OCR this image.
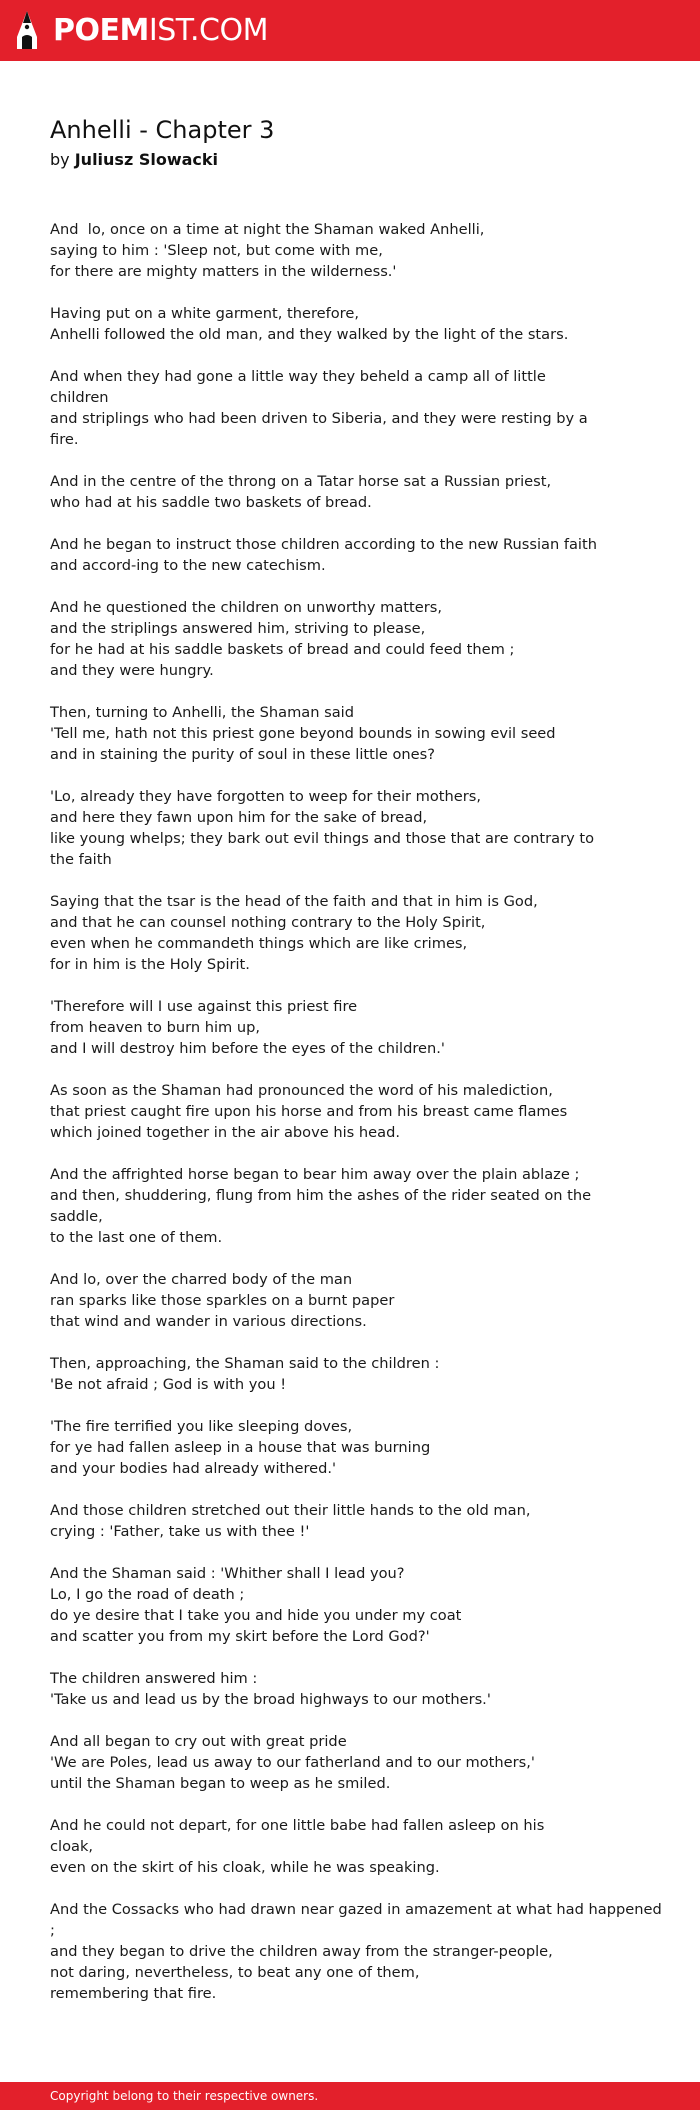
POEMIST.COM
Anhelli - Chapter 3
by Juliusz Slowacki
And  lo, once on a time at night the Shaman waked Anhelli,
saying to him : 'Sleep not, but come with me,
for there are mighty matters in the wilderness.'
Having put on a white garment, therefore,
Anhelli followed the old man, and they walked by the light of the stars.
And when they had gone a little way they beheld a camp all of little
children
and striplings who had been driven to Siberia, and they were resting by a
fire.
And in the centre of the throng on a Tatar horse sat a Russian priest,
who had at his saddle two baskets of bread.
And he began to instruct those children according to the new Russian faith
and accord-ing to the new catechism.
And he questioned the children on unworthy matters,
and the striplings answered him, striving to please,
for he had at his saddle baskets of bread and could feed them ;
and they were hungry.
Then, turning to Anhelli, the Shaman said
'Tell me, hath not this priest gone beyond bounds in sowing evil seed
and in staining the purity of soul in these little ones?
'Lo, already they have forgotten to weep for their mothers,
and here they fawn upon him for the sake of bread,
like young whelps; they bark out evil things and those that are contrary to
the faith
Saying that the tsar is the head of the faith and that in him is God,
and that he can counsel nothing contrary to the Holy Spirit,
even when he commandeth things which are like crimes,
for in him is the Holy Spirit.
'Therefore will I use against this priest fire
from heaven to burn him up,
and I will destroy him before the eyes of the children.'
As soon as the Shaman had pronounced the word of his malediction,
that priest caught fire upon his horse and from his breast came flames
which joined together in the air above his head.
And the affrighted horse began to bear him away over the plain ablaze ;
and then, shuddering, flung from him the ashes of the rider seated on the
saddle,
to the last one of them.
And lo, over the charred body of the man
ran sparks like those sparkles on a burnt paper
that wind and wander in various directions.
Then, approaching, the Shaman said to the children :
'Be not afraid ; God is with you !
'The fire terrified you like sleeping doves,
for ye had fallen asleep in a house that was burning
and your bodies had already withered.'
And those children stretched out their little hands to the old man,
crying : 'Father, take us with thee !'
And the Shaman said : 'Whither shall I lead you?
Lo, I go the road of death ;
do ye desire that I take you and hide you under my coat
and scatter you from my skirt before the Lord God?'
The children answered him :
'Take us and lead us by the broad highways to our mothers.'
And all began to cry out with great pride
'We are Poles, lead us away to our fatherland and to our mothers,'
until the Shaman began to weep as he smiled.
And he could not depart, for one little babe had fallen asleep on his
cloak,
even on the skirt of his cloak, while he was speaking.
And the Cossacks who had drawn near gazed in amazement at what had happened
;
and they began to drive the children away from the stranger-people,
not daring, nevertheless, to beat any one of them,
remembering that fire.
Copyright belong to their respective owners.
